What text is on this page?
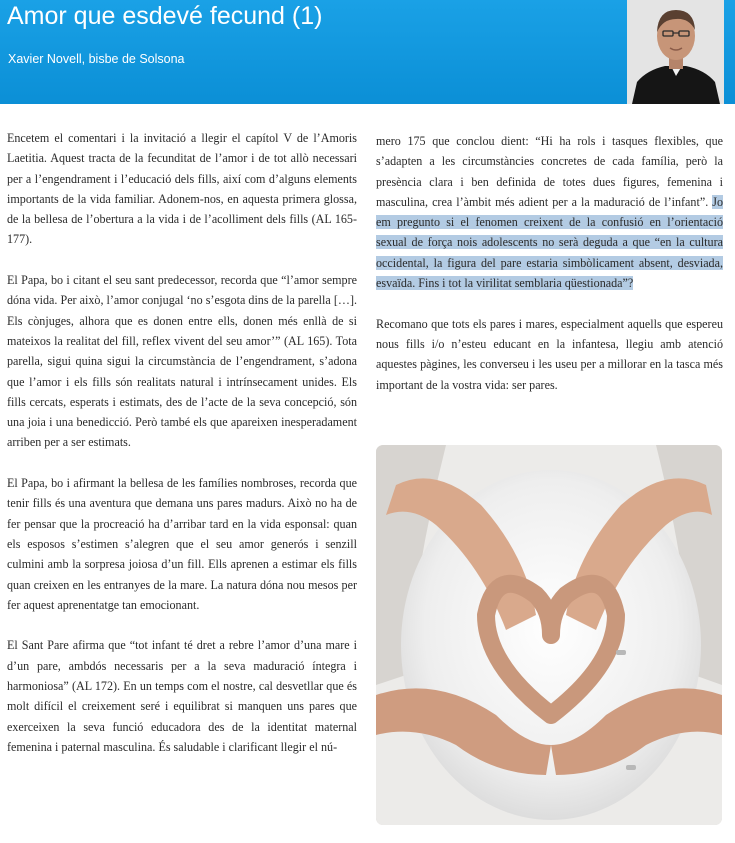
Amor que esdevé fecund (1)
Xavier Novell, bisbe de Solsona

Encetem el comentari i la invitació a llegir el capítol V de l’Amoris Laetitia. Aquest tracta de la fecunditat de l’amor i de tot allò necessari per a l’engendrament i l’educació dels fills, així com d’alguns elements importants de la vida familiar. Adonem-nos, en aquesta primera glossa, de la bellesa de l’obertura a la vida i de l’acolliment dels fills (AL 165-177).

El Papa, bo i citant el seu sant predecessor, recorda que “l’amor sempre dóna vida. Per això, l’amor conjugal ‘no s’esgota dins de la parella […]. Els cònjuges, alhora que es donen entre ells, donen més enllà de si mateixos la realitat del fill, reflex vivent del seu amor’” (AL 165). Tota parella, sigui quina sigui la circumstància de l’engendrament, s’adona que l’amor i els fills són realitats natural i intrínsecament unides. Els fills cercats, esperats i estimats, des de l’acte de la seva concepció, són una joia i una benedicció. Però també els que apareixen inesperadament arriben per a ser estimats.

El Papa, bo i afirmant la bellesa de les famílies nombroses, recorda que tenir fills és una aventura que demana uns pares madurs. Això no ha de fer pensar que la procreació ha d’arribar tard en la vida esponsal: quan els esposos s’estimen s’alegren que el seu amor generós i senzill culmini amb la sorpresa joiosa d’un fill. Ells aprenen a estimar els fills quan creixen en les entranyes de la mare. La natura dóna nou mesos per fer aquest aprenentatge tan emocionant.

El Sant Pare afirma que “tot infant té dret a rebre l’amor d’una mare i d’un pare, ambdós necessaris per a la seva maduració íntegra i harmoniosa” (AL 172). En un temps com el nostre, cal desvetllar que és molt difícil el creixement seré i equilibrat si manquen uns pares que exerceixen la seva funció educadora des de la identitat maternal femenina i paternal masculina. És saludable i clarificant llegir el nú-

mero 175 que conclou dient: “Hi ha rols i tasques flexibles, que s’adapten a les circumstàncies concretes de cada família, però la presència clara i ben definida de totes dues figures, femenina i masculina, crea l’àmbit més adient per a la maduració de l’infant”. Jo em pregunto si el fenomen creixent de la confusió en l’orientació sexual de força nois adolescents no serà deguda a que “en la cultura occidental, la figura del pare estaria simbòlicament absent, desviada, esvaïda. Fins i tot la virilitat semblaria qüestionada”?

Recomano que tots els pares i mares, especialment aquells que espereu nous fills i/o n’esteu educant en la infantesa, llegiu amb atenció aquestes pàgines, les converseu i les useu per a millorar en la tasca més important de la vostra vida: ser pares.
